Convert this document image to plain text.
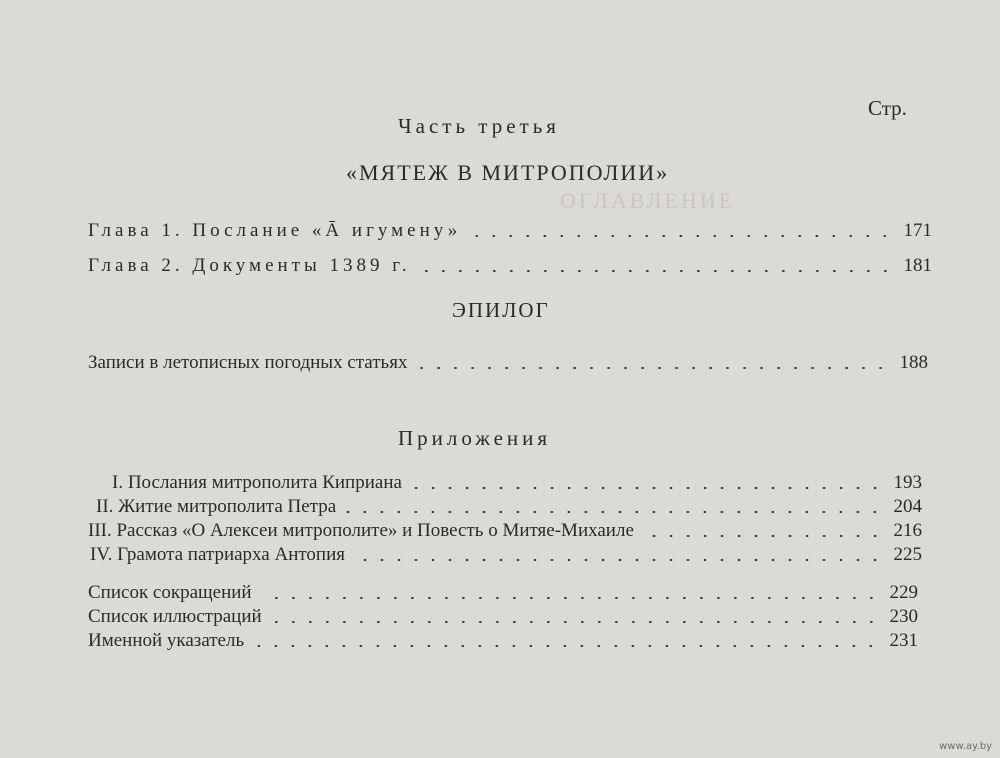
ОГЛАВЛЕНИЕ
Стр.
Часть третья
«МЯТЕЖ В МИТРОПОЛИИ»
Глава 1. Послание «Ā игумену»	171
Глава 2. Документы 1389 г.	181
ЭПИЛОГ
Записи в летописных погодных статьях	188
Приложения
I. Послания митрополита Киприана	193
II. Житие митрополита Петра	204
III. Рассказ «О Алексеи митрополите» и Повесть о Митяе-Михаиле	216
IV. Грамота патриарха Антопия	225
Список сокращений	229
Список иллюстраций	230
Именной указатель	231
www.ay.by
